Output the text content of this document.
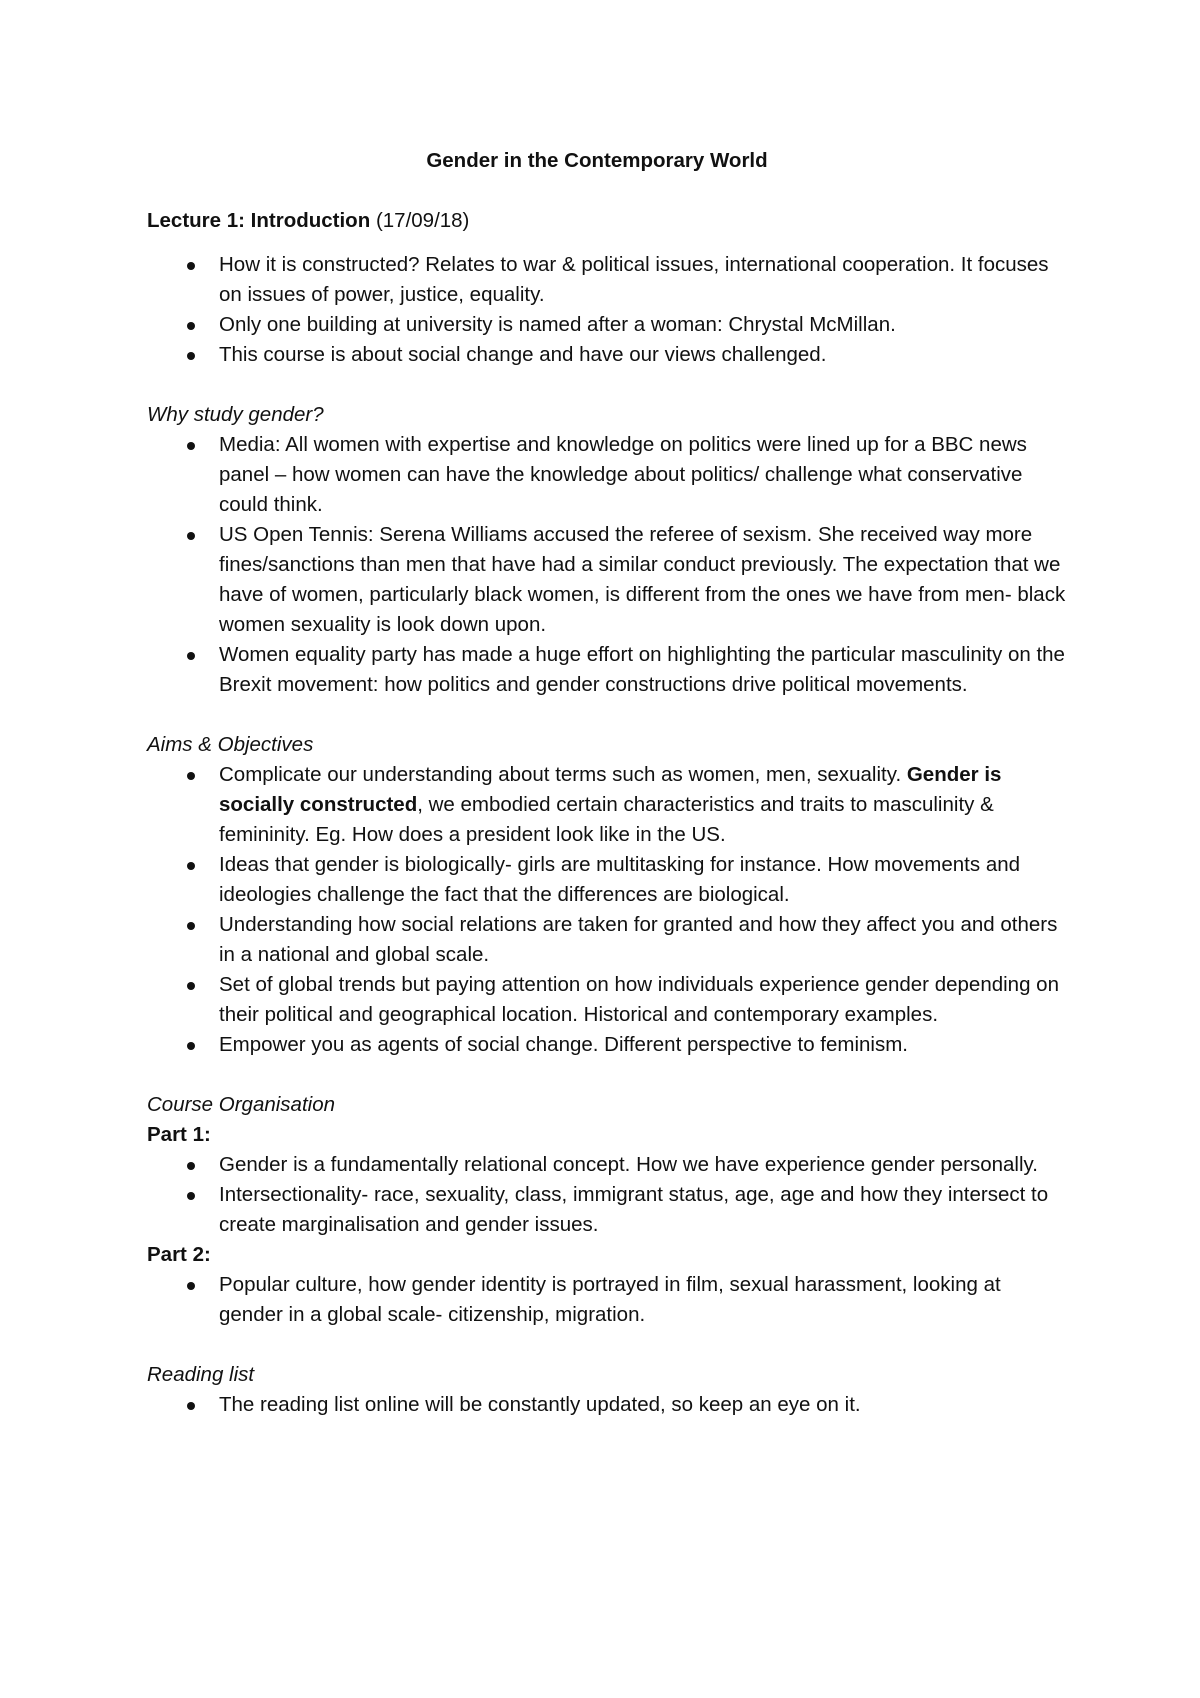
Gender in the Contemporary World
Lecture 1: Introduction (17/09/18)
How it is constructed? Relates to war & political issues, international cooperation. It focuses on issues of power, justice, equality.
Only one building at university is named after a woman: Chrystal McMillan.
This course is about social change and have our views challenged.
Why study gender?
Media: All women with expertise and knowledge on politics were lined up for a BBC news panel – how women can have the knowledge about politics/ challenge what conservative could think.
US Open Tennis: Serena Williams accused the referee of sexism. She received way more fines/sanctions than men that have had a similar conduct previously. The expectation that we have of women, particularly black women, is different from the ones we have from men- black women sexuality is look down upon.
Women equality party has made a huge effort on highlighting the particular masculinity on the Brexit movement: how politics and gender constructions drive political movements.
Aims & Objectives
Complicate our understanding about terms such as women, men, sexuality. Gender is socially constructed, we embodied certain characteristics and traits to masculinity & femininity. Eg. How does a president look like in the US.
Ideas that gender is biologically- girls are multitasking for instance. How movements and ideologies challenge the fact that the differences are biological.
Understanding how social relations are taken for granted and how they affect you and others in a national and global scale.
Set of global trends but paying attention on how individuals experience gender depending on their political and geographical location. Historical and contemporary examples.
Empower you as agents of social change. Different perspective to feminism.
Course Organisation
Part 1:
Gender is a fundamentally relational concept. How we have experience gender personally.
Intersectionality- race, sexuality, class, immigrant status, age, age and how they intersect to create marginalisation and gender issues.
Part 2:
Popular culture, how gender identity is portrayed in film, sexual harassment, looking at gender in a global scale- citizenship, migration.
Reading list
The reading list online will be constantly updated, so keep an eye on it.
